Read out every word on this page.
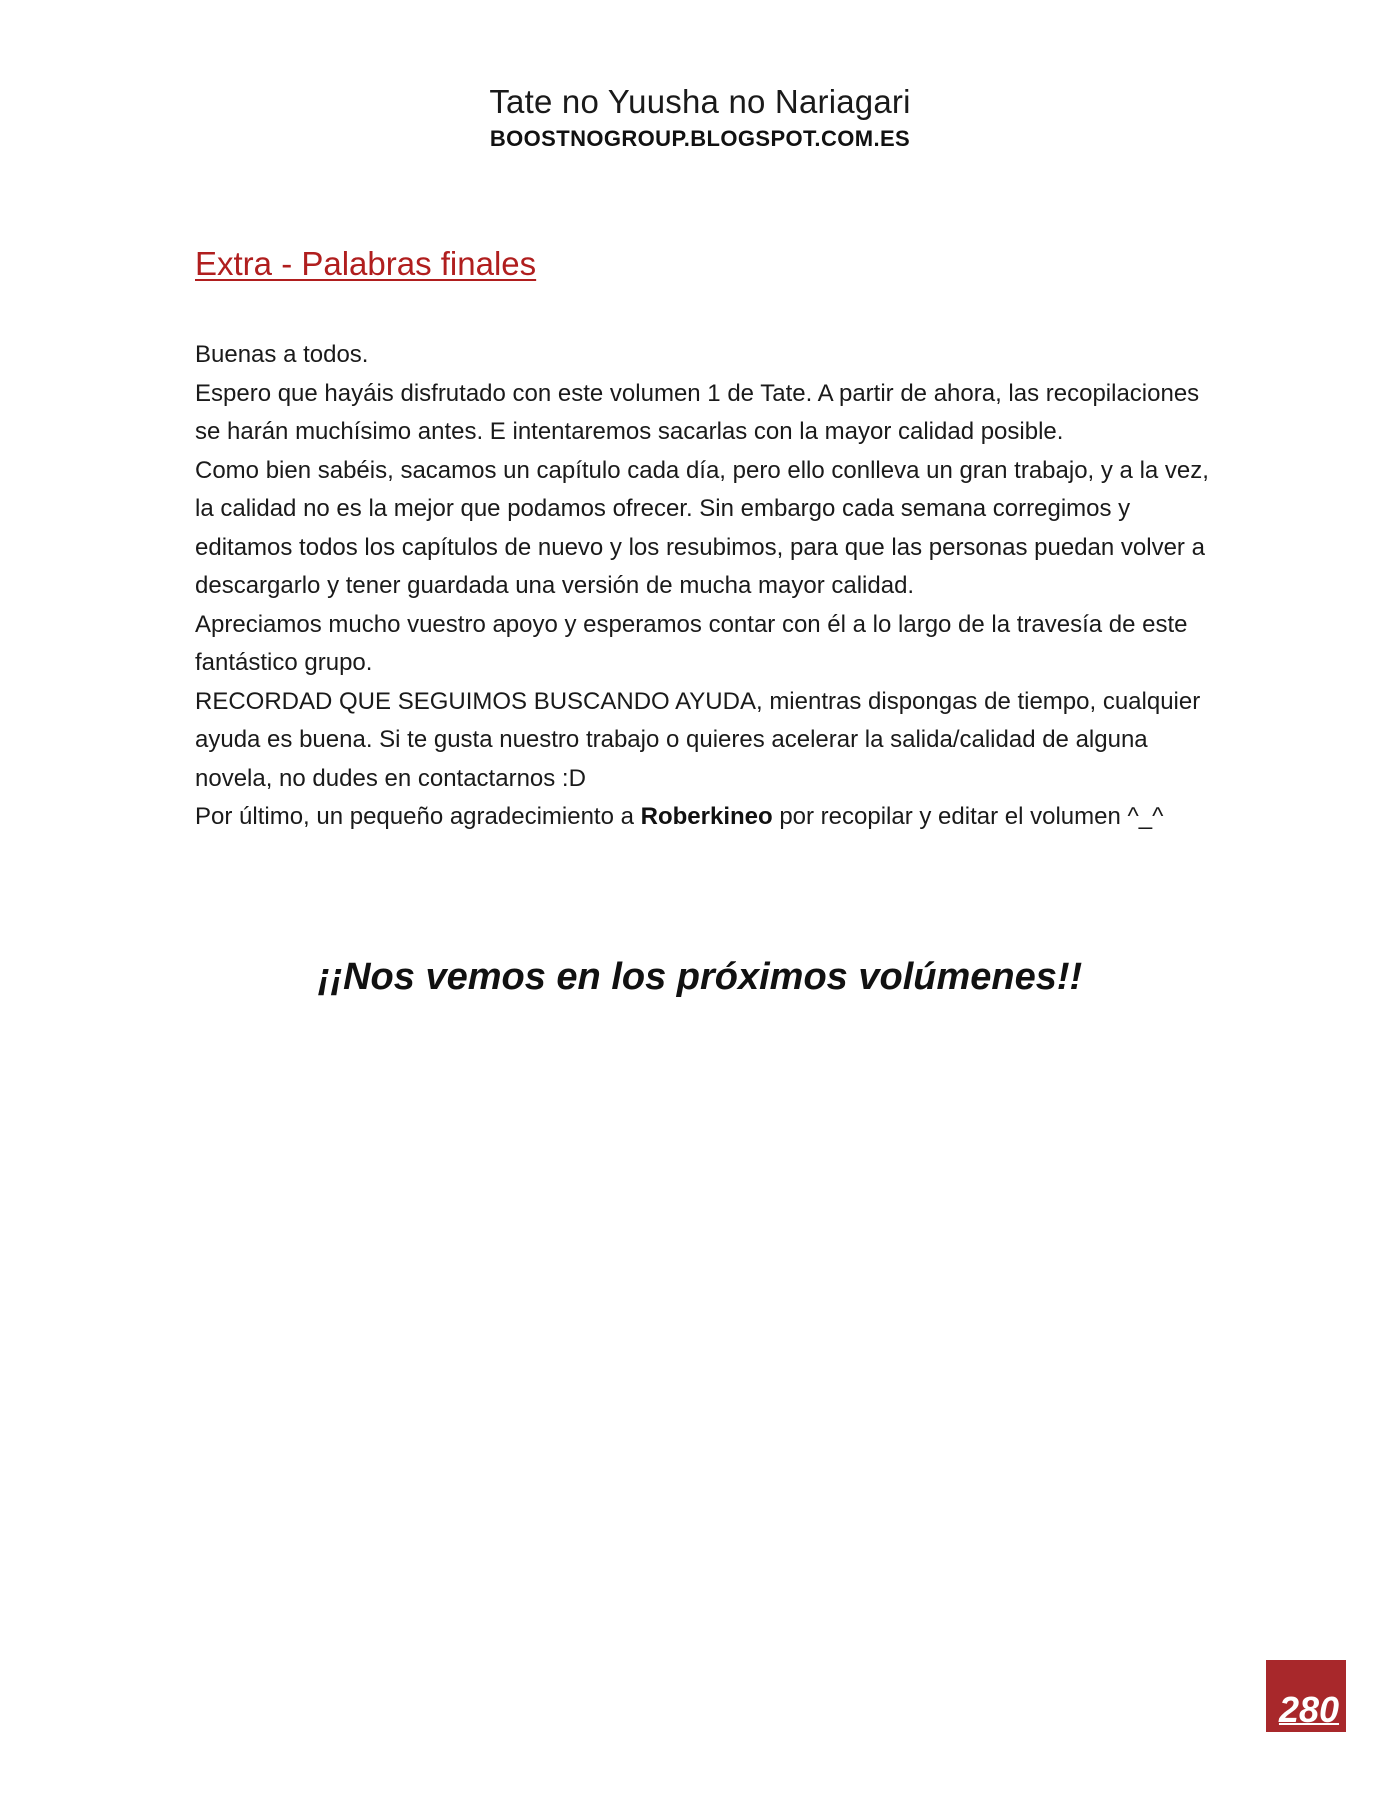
Tate no Yuusha no Nariagari
BOOSTNOGROUP.BLOGSPOT.COM.ES
Extra - Palabras finales

Buenas a todos.

Espero que hayáis disfrutado con este volumen 1 de Tate. A partir de ahora, las recopilaciones se harán muchísimo antes. E intentaremos sacarlas con la mayor calidad posible.

Como bien sabéis, sacamos un capítulo cada día, pero ello conlleva un gran trabajo, y a la vez, la calidad no es la mejor que podamos ofrecer. Sin embargo cada semana corregimos y editamos todos los capítulos de nuevo y los resubimos, para que las personas puedan volver a descargarlo y tener guardada una versión de mucha mayor calidad.

Apreciamos mucho vuestro apoyo y esperamos contar con él a lo largo de la travesía de este fantástico grupo.

RECORDAD QUE SEGUIMOS BUSCANDO AYUDA, mientras dispongas de tiempo, cualquier ayuda es buena. Si te gusta nuestro trabajo o quieres acelerar la salida/calidad de alguna novela, no dudes en contactarnos :D

Por último, un pequeño agradecimiento a Roberkineo por recopilar y editar el volumen ^_^

¡¡Nos vemos en los próximos volúmenes!!
280
